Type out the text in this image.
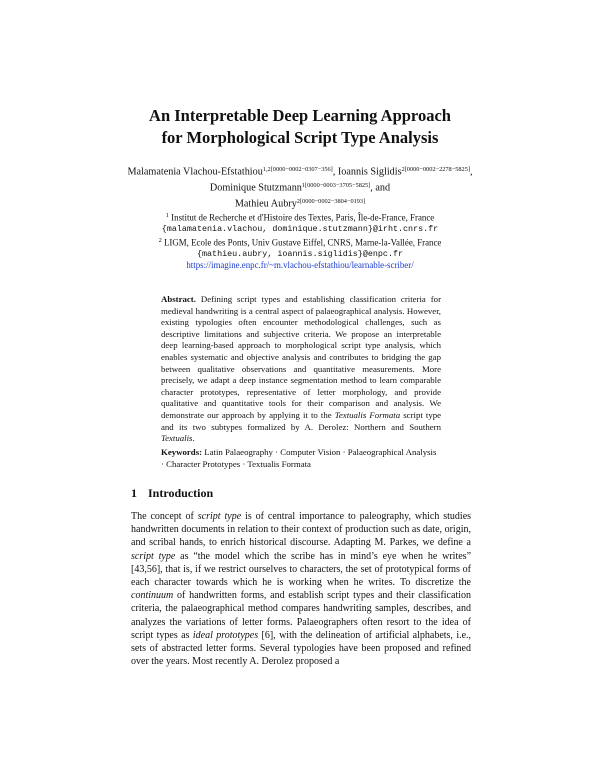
An Interpretable Deep Learning Approach
for Morphological Script Type Analysis
Malamatenia Vlachou-Efstathiou$^{1,2[0000-0002-0307-356]}$, Ioannis Siglidis$^{2[0000-0002-2278-5825]}$, Dominique Stutzmann$^{1[0000-0003-3705-5825]}$, and
Mathieu Aubry$^{2[0000-0002-3804-0193]}$
$^1$ Institut de Recherche et d'Histoire des Textes, Paris, Île-de-France, France
{malamatenia.vlachou, dominique.stutzmann}@irht.cnrs.fr
$^2$ LIGM, Ecole des Ponts, Univ Gustave Eiffel, CNRS, Marne-la-Vallée, France
{mathieu.aubry, ioannis.siglidis}@enpc.fr
https://imagine.enpc.fr/~m.vlachou-efstathiou/learnable-scriber/
Abstract. Defining script types and establishing classification criteria for medieval handwriting is a central aspect of palaeographical analysis. However, existing typologies often encounter methodological challenges, such as descriptive limitations and subjective criteria. We propose an interpretable deep learning-based approach to morphological script type analysis, which enables systematic and objective analysis and contributes to bridging the gap between qualitative observations and quantitative measurements. More precisely, we adapt a deep instance segmentation method to learn comparable character prototypes, representative of letter morphology, and provide qualitative and quantitative tools for their comparison and analysis. We demonstrate our approach by applying it to the Textualis Formata script type and its two subtypes formalized by A. Derolez: Northern and Southern Textualis.
Keywords: Latin Palaeography · Computer Vision · Palaeographical Analysis · Character Prototypes · Textualis Formata
1 Introduction
The concept of script type is of central importance to paleography, which studies handwritten documents in relation to their context of production such as date, origin, and scribal hands, to enrich historical discourse. Adapting M. Parkes, we define a script type as “the model which the scribe has in mind’s eye when he writes” [43,56], that is, if we restrict ourselves to characters, the set of prototypical forms of each character towards which he is working when he writes. To discretize the continuum of handwritten forms, and establish script types and their classification criteria, the palaeographical method compares handwriting samples, describes, and analyzes the variations of letter forms. Palaeographers often resort to the idea of script types as ideal prototypes [6], with the delineation of artificial alphabets, i.e., sets of abstracted letter forms. Several typologies have been proposed and refined over the years. Most recently A. Derolez proposed a
